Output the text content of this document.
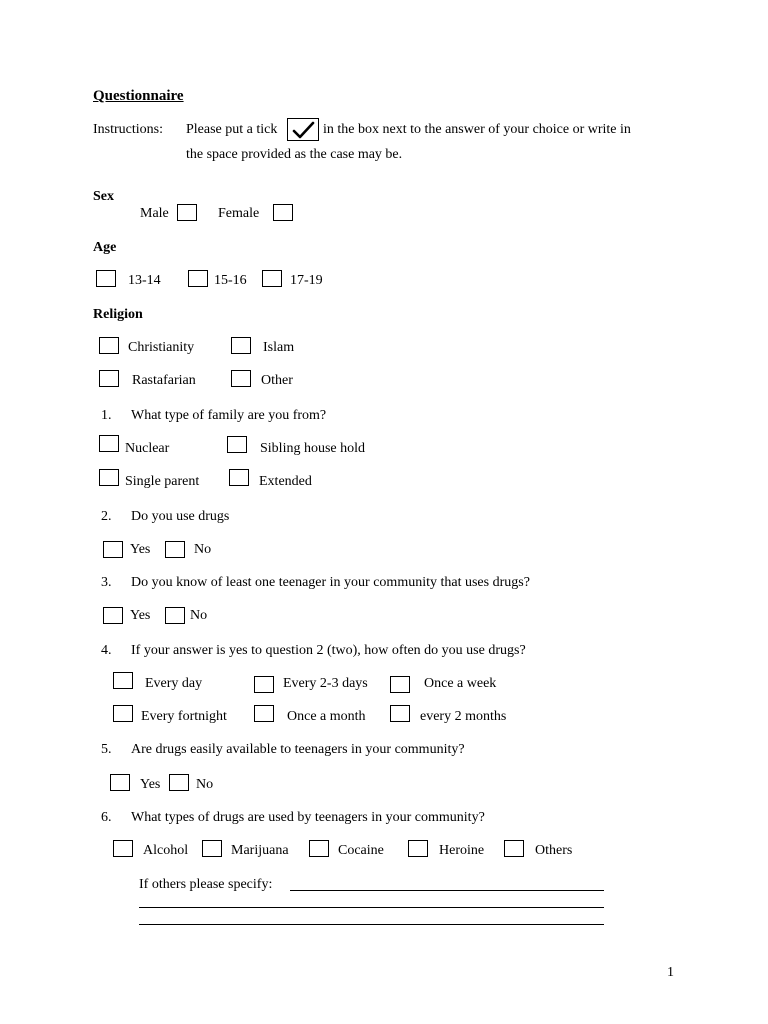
Questionnaire
Instructions: Please put a tick	in the box next to the answer of your choice or write in
the space provided as the case may be.
Sex
Male	Female
Age
13-14	15-16	17-19
Religion
Christianity	Islam
Rastafarian	Other
1. What type of family are you from?
Nuclear	Sibling house hold
Single parent	Extended
2. Do you use drugs
Yes	No
3. Do you know of least one teenager in your community that uses drugs?
Yes	No
4. If your answer is yes to question 2 (two), how often do you use drugs?
Every day	Every 2-3 days	Once a week
Every fortnight	Once a month	every 2 months
5. Are drugs easily available to teenagers in your community?
Yes	No
6. What types of drugs are used by teenagers in your community?
Alcohol	Marijuana	Cocaine	Heroine	Others
If others please specify:
1
